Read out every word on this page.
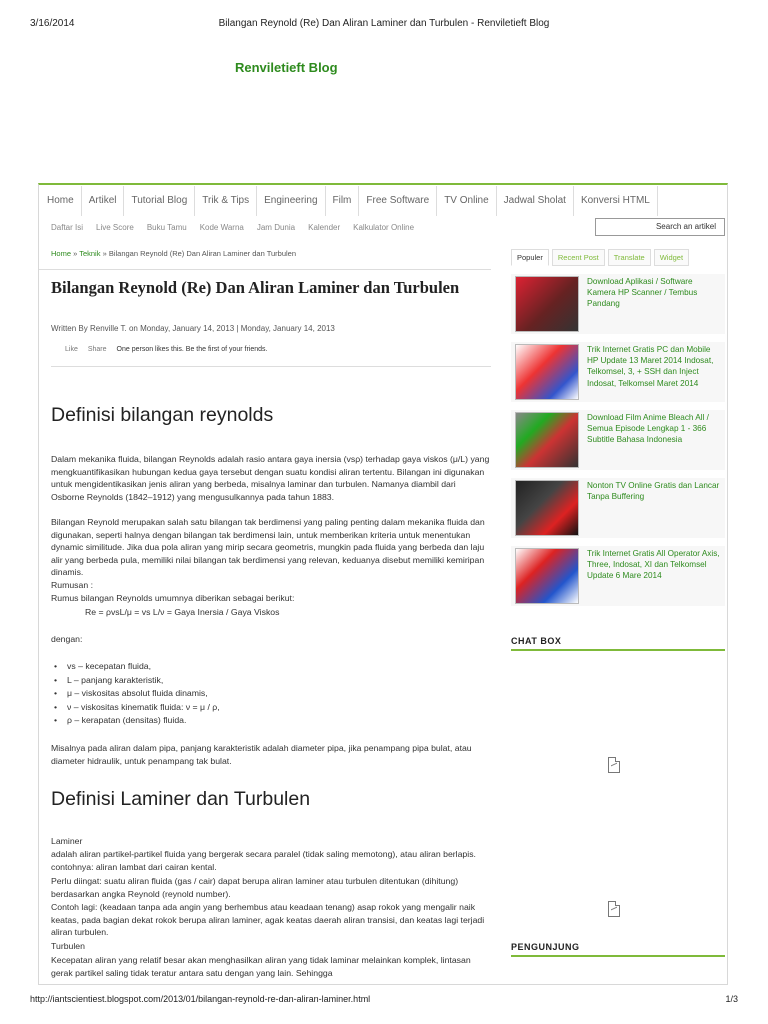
3/16/2014	Bilangan Reynold (Re) Dan Aliran Laminer dan Turbulen - Renviletieft Blog
Renviletieft Blog
Home	Artikel	Tutorial Blog	Trik & Tips	Engineering	Film	Free Software	TV Online	Jadwal Sholat	Konversi HTML
Daftar Isi Live Score Buku Tamu Kode Warna Jam Dunia Kalender Kalkulator Online	Search an artikel
Home » Teknik » Bilangan Reynold (Re) Dan Aliran Laminer dan Turbulen
Bilangan Reynold (Re) Dan Aliran Laminer dan Turbulen
Written By Renville T. on Monday, January 14, 2013 | Monday, January 14, 2013
Like Share One person likes this. Be the first of your friends.
Definisi bilangan reynolds
Dalam mekanika fluida, bilangan Reynolds adalah rasio antara gaya inersia (vsρ) terhadap gaya viskos (μ/L) yang mengkuantifikasikan hubungan kedua gaya tersebut dengan suatu kondisi aliran tertentu. Bilangan ini digunakan untuk mengidentikasikan jenis aliran yang berbeda, misalnya laminar dan turbulen. Namanya diambil dari Osborne Reynolds (1842–1912) yang mengusulkannya pada tahun 1883.
Bilangan Reynold merupakan salah satu bilangan tak berdimensi yang paling penting dalam mekanika fluida dan digunakan, seperti halnya dengan bilangan tak berdimensi lain, untuk memberikan kriteria untuk menentukan dynamic similitude. Jika dua pola aliran yang mirip secara geometris, mungkin pada fluida yang berbeda dan laju alir yang berbeda pula, memiliki nilai bilangan tak berdimensi yang relevan, keduanya disebut memiliki kemiripan dinamis.
Rumusan :
Rumus bilangan Reynolds umumnya diberikan sebagai berikut:
Re = ρvsL/μ = vs L/ν = Gaya Inersia / Gaya Viskos
dengan:
• vs – kecepatan fluida,
• L – panjang karakteristik,
• μ – viskositas absolut fluida dinamis,
• ν – viskositas kinematik fluida: ν = μ / ρ,
• ρ – kerapatan (densitas) fluida.
Misalnya pada aliran dalam pipa, panjang karakteristik adalah diameter pipa, jika penampang pipa bulat, atau diameter hidraulik, untuk penampang tak bulat.
Definisi Laminer dan Turbulen
Laminer
adalah aliran partikel-partikel fluida yang bergerak secara paralel (tidak saling memotong), atau aliran berlapis. contohnya: aliran lambat dari cairan kental.
Perlu diingat: suatu aliran fluida (gas / cair) dapat berupa aliran laminer atau turbulen ditentukan (dihitung) berdasarkan angka Reynold (reynold number).
Contoh lagi: (keadaan tanpa ada angin yang berhembus atau keadaan tenang) asap rokok yang mengalir naik keatas, pada bagian dekat rokok berupa aliran laminer, agak keatas daerah aliran transisi, dan keatas lagi terjadi aliran turbulen.
Turbulen
Kecepatan aliran yang relatif besar akan menghasilkan aliran yang tidak laminar melainkan komplek, lintasan gerak partikel saling tidak teratur antara satu dengan yang lain. Sehingga
Populer	Recent Post	Translate	Widget
Download Aplikasi / Software Kamera HP Scanner / Tembus Pandang
Trik Internet Gratis PC dan Mobile HP Update 13 Maret 2014 Indosat, Telkomsel, 3, + SSH dan Inject Indosat, Telkomsel Maret 2014
Download Film Anime Bleach All / Semua Episode Lengkap 1 - 366 Subtitle Bahasa Indonesia
Nonton TV Online Gratis dan Lancar Tanpa Buffering
Trik Internet Gratis All Operator Axis, Three, Indosat, XI dan Telkomsel Update 6 Mare 2014
CHAT BOX
PENGUNJUNG
http://iantscientiest.blogspot.com/2013/01/bilangan-reynold-re-dan-aliran-laminer.html	1/3
